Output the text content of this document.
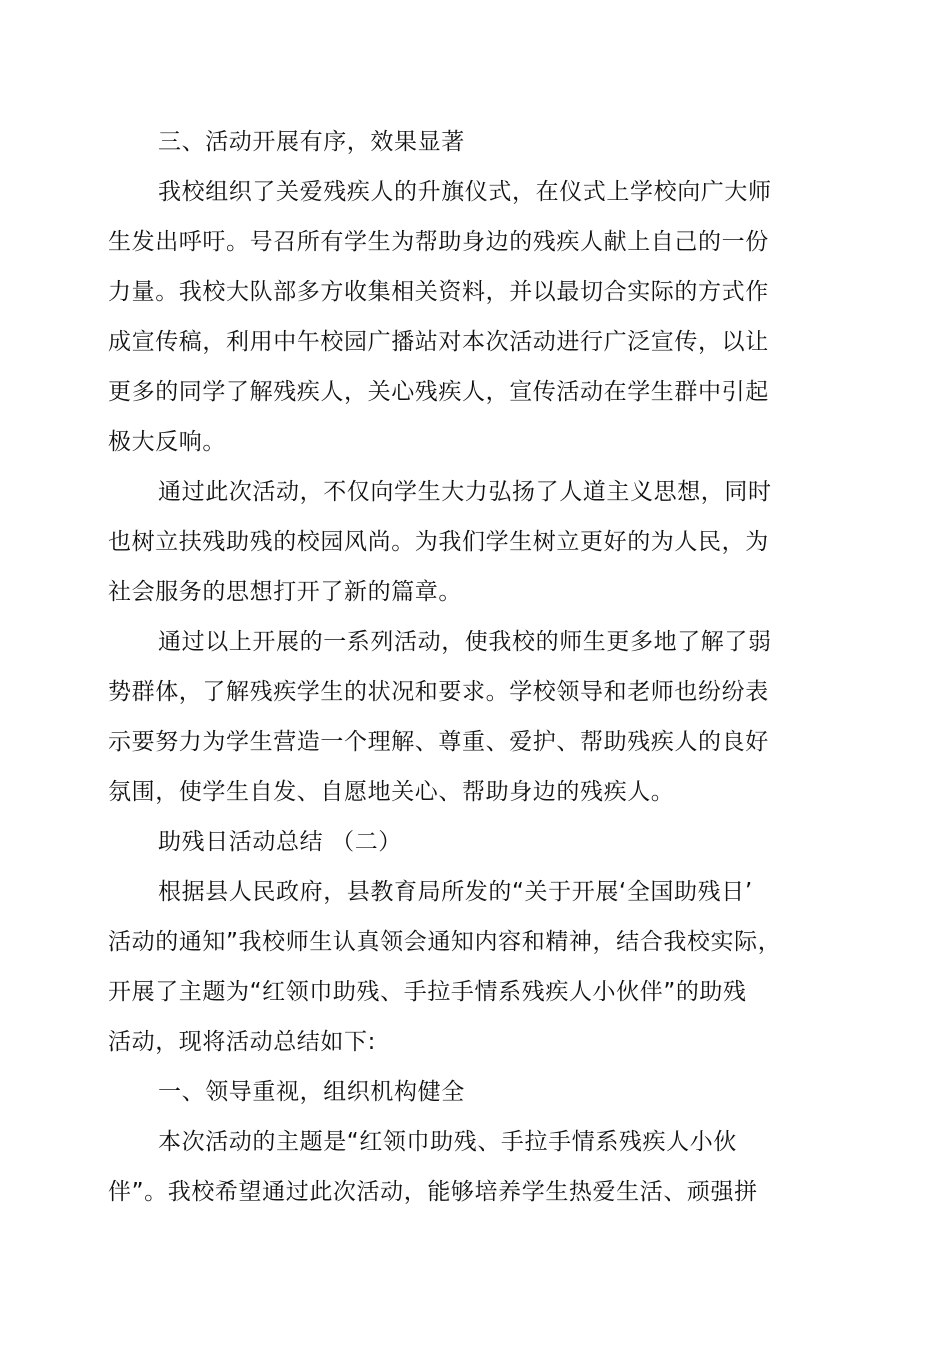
三、活动开展有序，效果显著
我校组织了关爱残疾人的升旗仪式，在仪式上学校向广大师
生发出呼吁。号召所有学生为帮助身边的残疾人献上自己的一份
力量。我校大队部多方收集相关资料，并以最切合实际的方式作
成宣传稿，利用中午校园广播站对本次活动进行广泛宣传，以让
更多的同学了解残疾人，关心残疾人，宣传活动在学生群中引起
极大反响。
通过此次活动，不仅向学生大力弘扬了人道主义思想，同时
也树立扶残助残的校园风尚。为我们学生树立更好的为人民，为
社会服务的思想打开了新的篇章。
通过以上开展的一系列活动，使我校的师生更多地了解了弱
势群体，了解残疾学生的状况和要求。学校领导和老师也纷纷表
示要努力为学生营造一个理解、尊重、爱护、帮助残疾人的良好
氛围，使学生自发、自愿地关心、帮助身边的残疾人。
助残日活动总结 （二）
根据县人民政府，县教育局所发的“关于开展‘全国助残日’
活动的通知”我校师生认真领会通知内容和精神，结合我校实际，
开展了主题为“红领巾助残、手拉手情系残疾人小伙伴”的助残
活动，现将活动总结如下:
一、领导重视，组织机构健全
本次活动的主题是“红领巾助残、手拉手情系残疾人小伙
伴”。我校希望通过此次活动，能够培养学生热爱生活、顽强拼
